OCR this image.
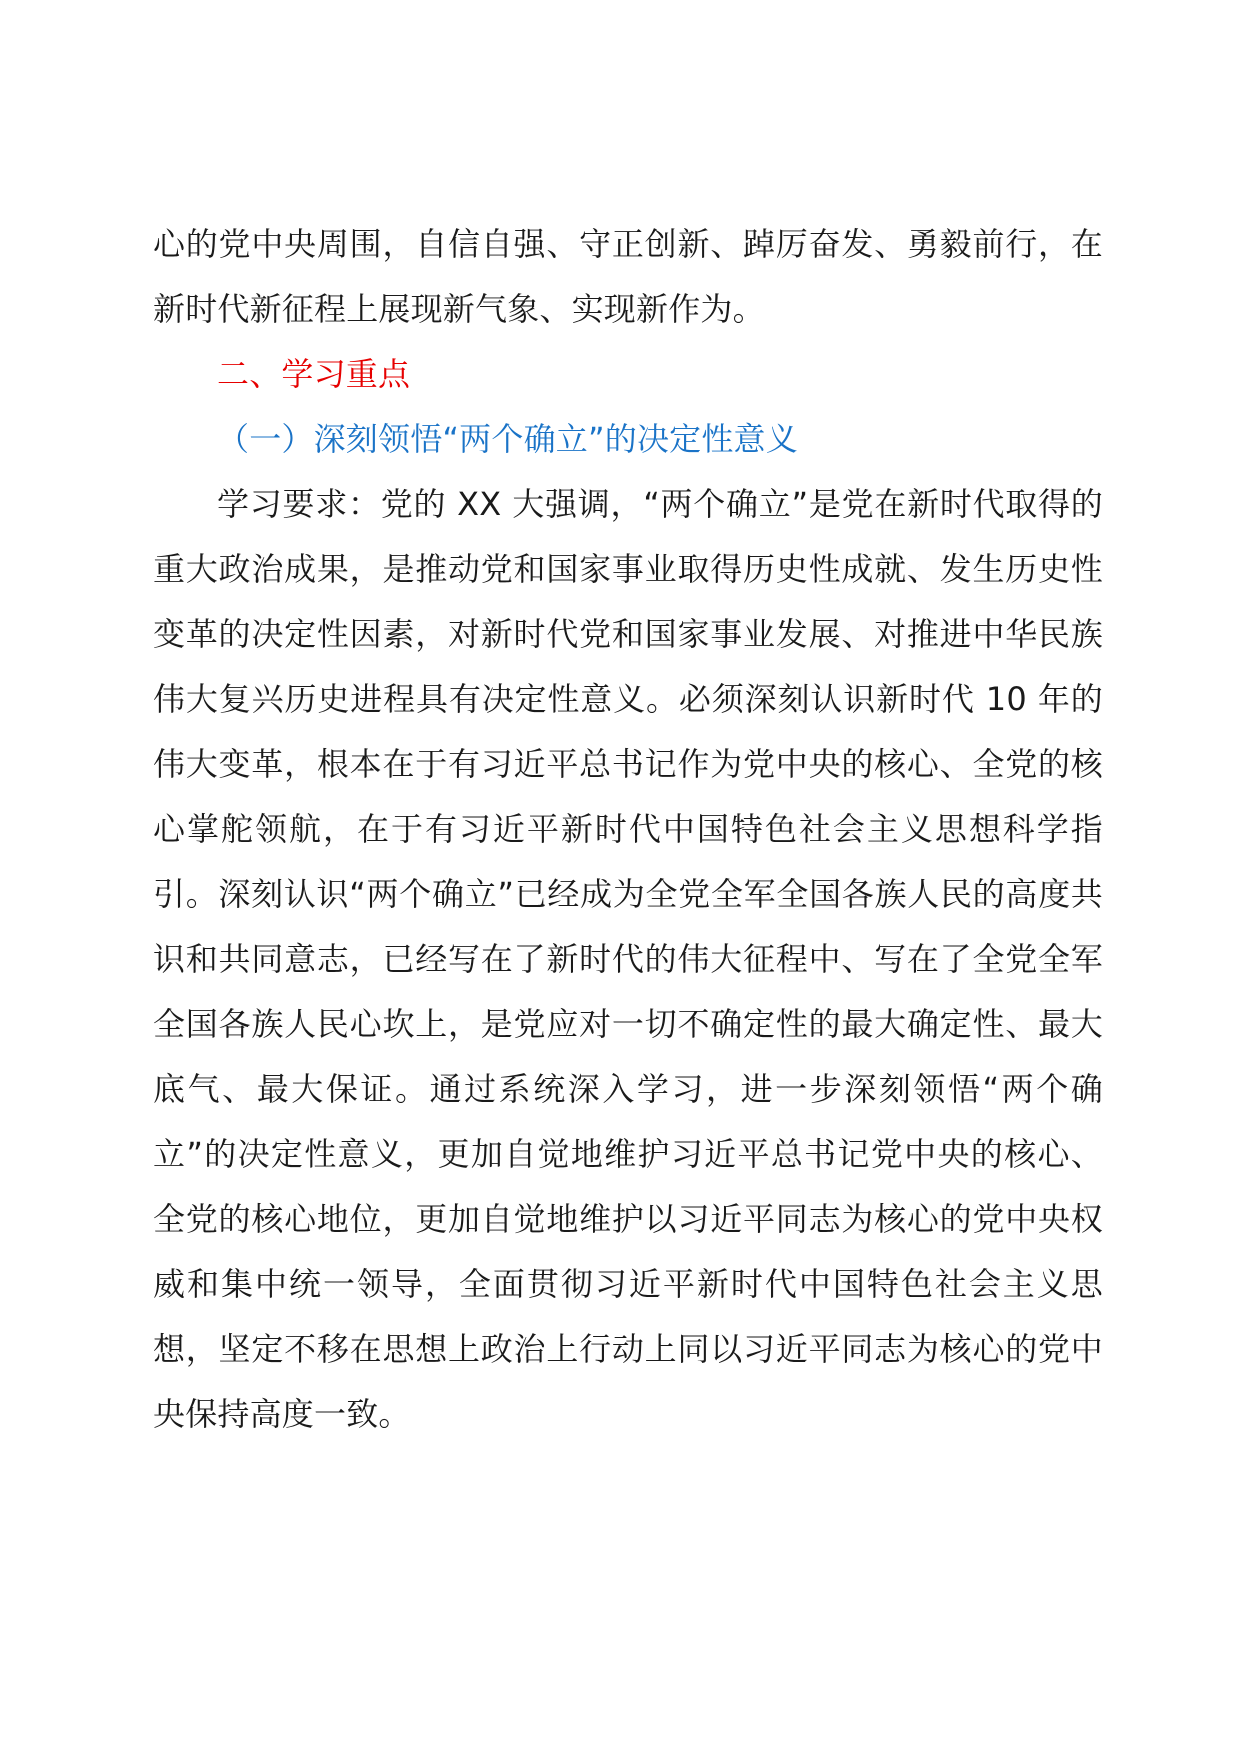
心的党中央周围，自信自强、守正创新、踔厉奋发、勇毅前行，在新时代新征程上展现新气象、实现新作为。

二、学习重点

（一）深刻领悟“两个确立”的决定性意义

学习要求：党的 XX 大强调，“两个确立”是党在新时代取得的重大政治成果，是推动党和国家事业取得历史性成就、发生历史性变革的决定性因素，对新时代党和国家事业发展、对推进中华民族伟大复兴历史进程具有决定性意义。必须深刻认识新时代 10 年的伟大变革，根本在于有习近平总书记作为党中央的核心、全党的核心掌舵领航，在于有习近平新时代中国特色社会主义思想科学指引。深刻认识“两个确立”已经成为全党全军全国各族人民的高度共识和共同意志，已经写在了新时代的伟大征程中、写在了全党全军全国各族人民心坎上，是党应对一切不确定性的最大确定性、最大底气、最大保证。通过系统深入学习，进一步深刻领悟“两个确立”的决定性意义，更加自觉地维护习近平总书记党中央的核心、全党的核心地位，更加自觉地维护以习近平同志为核心的党中央权威和集中统一领导，全面贯彻习近平新时代中国特色社会主义思想，坚定不移在思想上政治上行动上同以习近平同志为核心的党中央保持高度一致。
